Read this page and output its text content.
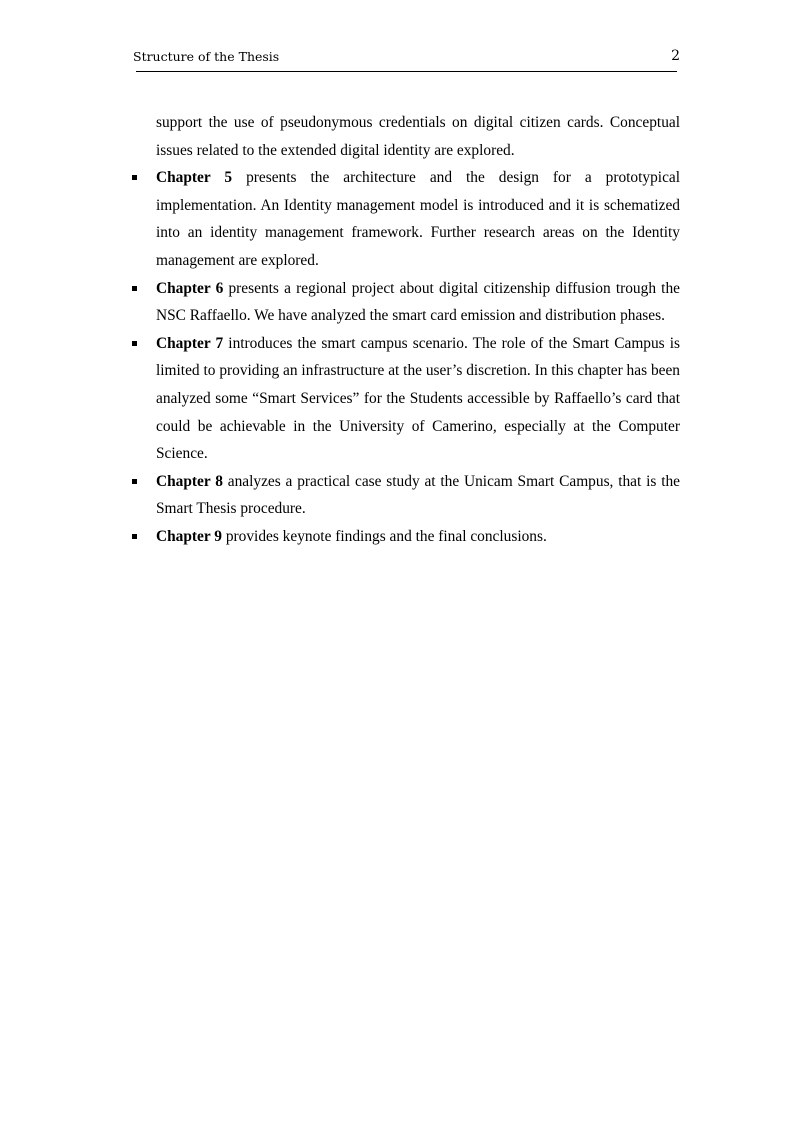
Structure of the Thesis	2

support the use of pseudonymous credentials on digital citizen cards. Conceptual issues related to the extended digital identity are explored.

Chapter 5 presents the architecture and the design for a prototypical implementation. An Identity management model is introduced and it is schematized into an identity management framework. Further research areas on the Identity management are explored.

Chapter 6 presents a regional project about digital citizenship diffusion trough the NSC Raffaello. We have analyzed the smart card emission and distribution phases.

Chapter 7 introduces the smart campus scenario. The role of the Smart Campus is limited to providing an infrastructure at the user’s discretion. In this chapter has been analyzed some “Smart Services” for the Students accessible by Raffaello’s card that could be achievable in the University of Camerino, especially at the Computer Science.

Chapter 8 analyzes a practical case study at the Unicam Smart Campus, that is the Smart Thesis procedure.

Chapter 9 provides keynote findings and the final conclusions.
